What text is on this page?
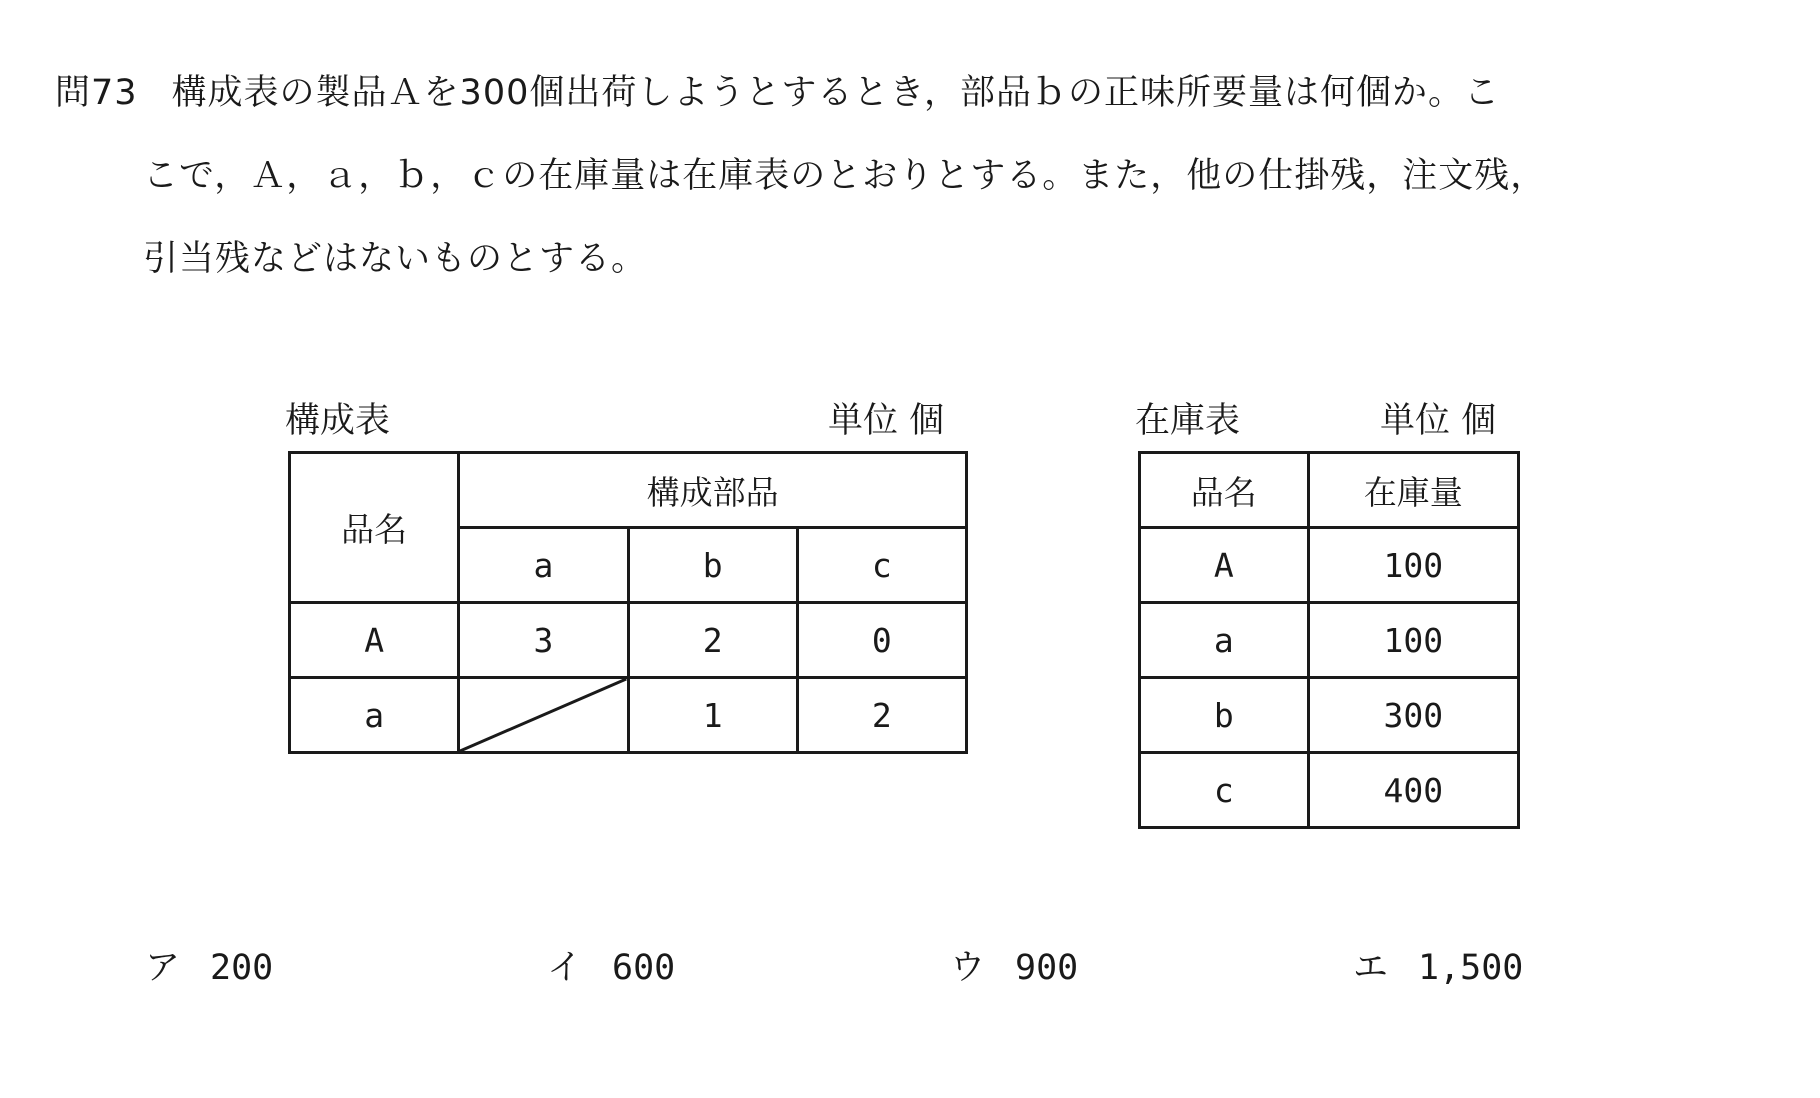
問73 構成表の製品Ａを300個出荷しようとするとき，部品ｂの正味所要量は何個か。こ
こで，Ａ，ａ，ｂ，ｃの在庫量は在庫表のとおりとする。また，他の仕掛残，注文残，
引当残などはないものとする。
構成表	単位 個
品名	構成部品		
	a	b	c
A	3	2	0
a		1	2
在庫表	単位 個
品名	在庫量
A	100
a	100
b	300
c	400
ア 200	イ 600	ウ 900	エ 1,500
